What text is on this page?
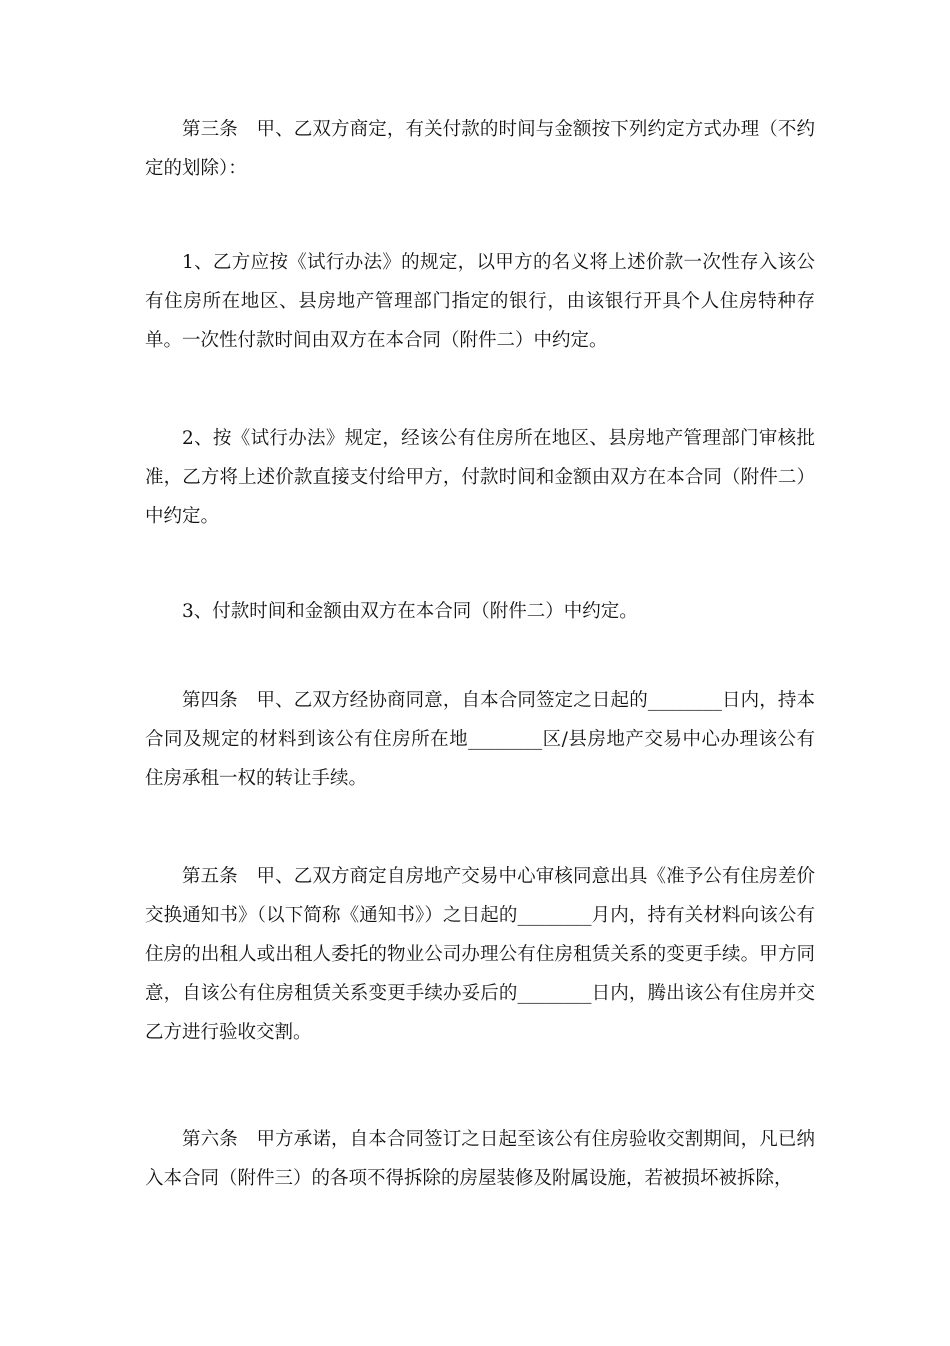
第三条　甲、乙双方商定，有关付款的时间与金额按下列约定方式办理（不约定的划除）：

1、乙方应按《试行办法》的规定，以甲方的名义将上述价款一次性存入该公有住房所在地区、县房地产管理部门指定的银行，由该银行开具个人住房特种存单。一次性付款时间由双方在本合同（附件二）中约定。

2、按《试行办法》规定，经该公有住房所在地区、县房地产管理部门审核批准，乙方将上述价款直接支付给甲方，付款时间和金额由双方在本合同（附件二）中约定。

3、付款时间和金额由双方在本合同（附件二）中约定。

第四条　甲、乙双方经协商同意，自本合同签定之日起的________日内，持本合同及规定的材料到该公有住房所在地________区/县房地产交易中心办理该公有住房承租一权的转让手续。

第五条　甲、乙双方商定自房地产交易中心审核同意出具《准予公有住房差价交换通知书》（以下简称《通知书》）之日起的________月内，持有关材料向该公有住房的出租人或出租人委托的物业公司办理公有住房租赁关系的变更手续。甲方同意，自该公有住房租赁关系变更手续办妥后的________日内，腾出该公有住房并交乙方进行验收交割。

第六条　甲方承诺，自本合同签订之日起至该公有住房验收交割期间，凡已纳入本合同（附件三）的各项不得拆除的房屋装修及附属设施，若被损坏被拆除，
